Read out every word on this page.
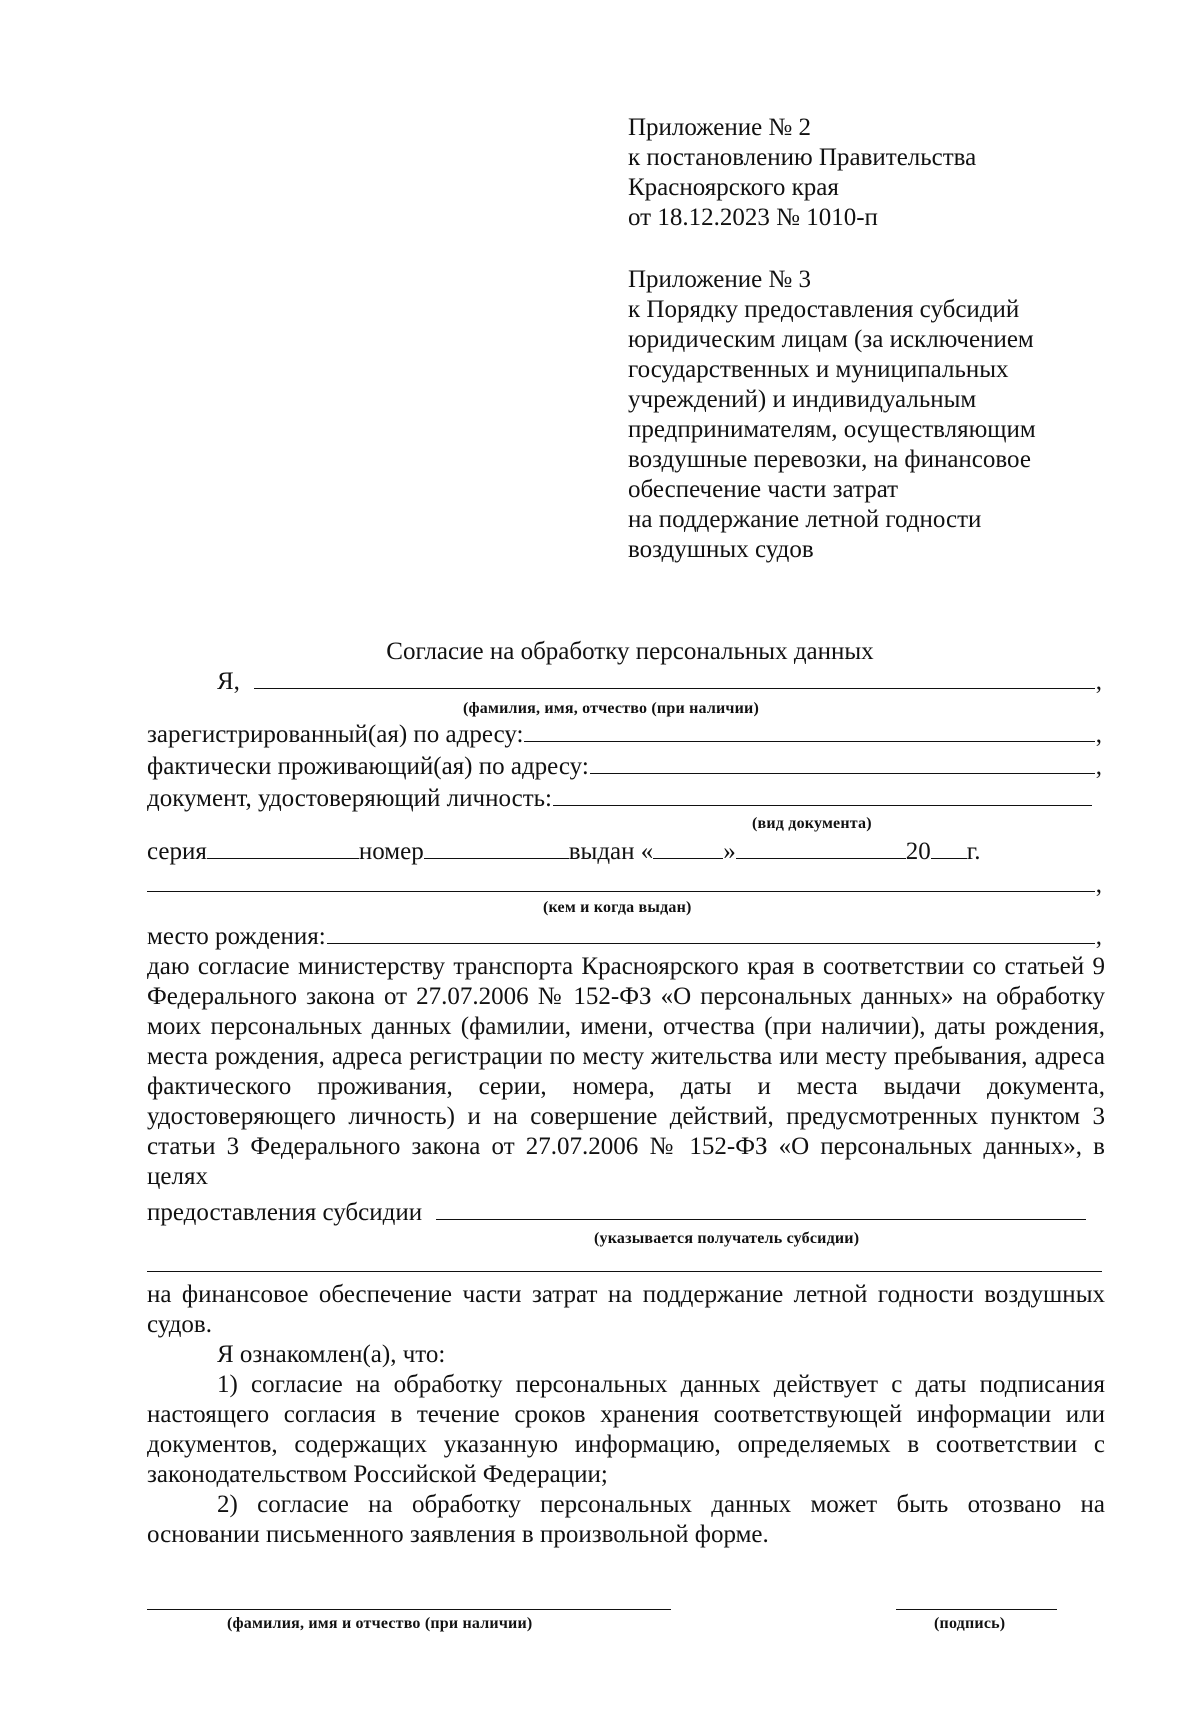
Приложение № 2
к постановлению Правительства
Красноярского края
от 18.12.2023 № 1010-п
Приложение № 3
к Порядку предоставления субсидий
юридическим лицам (за исключением
государственных и муниципальных
учреждений) и индивидуальным
предпринимателям, осуществляющим
воздушные перевозки, на финансовое
обеспечение части затрат
на поддержание летной годности
воздушных судов
Согласие на обработку персональных данных
Я,	,
(фамилия, имя, отчество (при наличии)
зарегистрированный(ая) по адресу:	,
фактически проживающий(ая) по адресу:	,
документ, удостоверяющий личность:
(вид документа)
серия	номер	выдан «	»	20 г.
,
(кем и когда выдан)
место рождения:	,
даю согласие министерству транспорта Красноярского края в соответствии со статьей 9 Федерального закона от 27.07.2006 № 152-ФЗ «О персональных данных» на обработку моих персональных данных (фамилии, имени, отчества (при наличии), даты рождения, места рождения, адреса регистрации по месту жительства или месту пребывания, адреса фактического проживания, серии, номера, даты и места выдачи документа, удостоверяющего личность) и на совершение действий, предусмотренных пунктом 3 статьи 3 Федерального закона от 27.07.2006 № 152-ФЗ «О персональных данных», в целях
предоставления субсидии
(указывается получатель субсидии)
на финансовое обеспечение части затрат на поддержание летной годности воздушных судов.
Я ознакомлен(а), что:
1) согласие на обработку персональных данных действует с даты подписания настоящего согласия в течение сроков хранения соответствующей информации или документов, содержащих указанную информацию, определяемых в соответствии с законодательством Российской Федерации;
2) согласие на обработку персональных данных может быть отозвано на основании письменного заявления в произвольной форме.
(фамилия, имя и отчество (при наличии)	(подпись)
